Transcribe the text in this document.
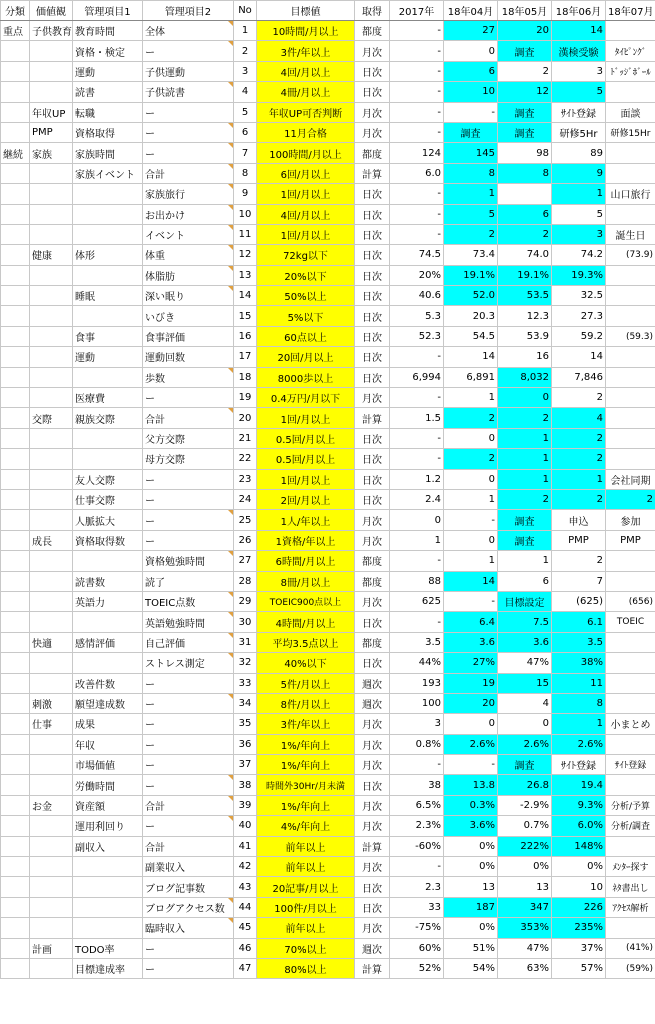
分類	価値観	管理項目1	管理項目2	No	目標値	取得	2017年	18年04月	18年05月	18年06月	18年07月
重点	子供教育	教育時間	全体	1	10時間/月以上	都度	-	27	20	14	
		資格・検定	ー	2	3件/年以上	月次	-	0	調査	漢検受験	ﾀｲﾋﾟﾝｸﾞ
		運動	子供運動	3	4回/月以上	日次	-	6	2	3	ﾄﾞｯｼﾞﾎﾞｰﾙ
		読書	子供読書	4	4冊/月以上	日次	-	10	12	5	
	年収UP	転職	ー	5	年収UP可否判断	月次	-	-	調査	ｻｲﾄ登録	面談
	PMP	資格取得	ー	6	11月合格	月次	-	調査	調査	研修5Hr	研修15Hr
継続	家族	家族時間	ー	7	100時間/月以上	都度	124	145	98	89	
		家族イベント	合計	8	6回/月以上	計算	6.0	8	8	9	
			家族旅行	9	1回/月以上	日次	-	1		1	山口旅行
			お出かけ	10	4回/月以上	日次	-	5	6	5	
			イベント	11	1回/月以上	日次	-	2	2	3	誕生日
	健康	体形	体重	12	72kg以下	日次	74.5	73.4	74.0	74.2	(73.9)
			体脂肪	13	20%以下	日次	20%	19.1%	19.1%	19.3%	
		睡眠	深い眠り	14	50%以上	日次	40.6	52.0	53.5	32.5	
			いびき	15	5%以下	日次	5.3	20.3	12.3	27.3	
		食事	食事評価	16	60点以上	日次	52.3	54.5	53.9	59.2	(59.3)
		運動	運動回数	17	20回/月以上	日次	-	14	16	14	
			歩数	18	8000歩以上	日次	6,994	6,891	8,032	7,846	
		医療費	ー	19	0.4万円/月以下	月次	-	1	0	2	
	交際	親族交際	合計	20	1回/月以上	計算	1.5	2	2	4	
			父方交際	21	0.5回/月以上	日次	-	0	1	2	
			母方交際	22	0.5回/月以上	日次	-	2	1	2	
		友人交際	ー	23	1回/月以上	日次	1.2	0	1	1	会社同期
		仕事交際	ー	24	2回/月以上	日次	2.4	1	2	2	2
		人脈拡大	ー	25	1人/年以上	月次	0	-	調査	申込	参加
	成長	資格取得数	ー	26	1資格/年以上	月次	1	0	調査	PMP	PMP
			資格勉強時間	27	6時間/月以上	都度	-	1	1	2	
		読書数	読了	28	8冊/月以上	都度	88	14	6	7	
		英語力	TOEIC点数	29	TOEIC900点以上	月次	625	-	目標設定	(625)	(656)
			英語勉強時間	30	4時間/月以上	日次	-	6.4	7.5	6.1	TOEIC
	快適	感情評価	自己評価	31	平均3.5点以上	都度	3.5	3.6	3.6	3.5	
			ストレス測定	32	40%以下	日次	44%	27%	47%	38%	
		改善件数	ー	33	5件/月以上	週次	193	19	15	11	
	刺激	願望達成数	ー	34	8件/月以上	週次	100	20	4	8	
	仕事	成果	ー	35	3件/年以上	月次	3	0	0	1	小まとめ
		年収	ー	36	1%/年向上	月次	0.8%	2.6%	2.6%	2.6%	
		市場価値	ー	37	1%/年向上	月次	-	-	調査	ｻｲﾄ登録	ｻｲﾄ登録
		労働時間	ー	38	時間外30Hr/月未満	日次	38	13.8	26.8	19.4	
	お金	資産額	合計	39	1%/年向上	月次	6.5%	0.3%	-2.9%	9.3%	分析/予算
		運用利回り	ー	40	4%/年向上	月次	2.3%	3.6%	0.7%	6.0%	分析/調査
		副収入	合計	41	前年以上	計算	-60%	0%	222%	148%	
			副業収入	42	前年以上	月次	-	0%	0%	0%	ﾒﾝﾀｰ探す
			ブログ記事数	43	20記事/月以上	日次	2.3	13	13	10	ﾈﾀ書出し
			ブログアクセス数	44	100件/月以上	日次	33	187	347	226	ｱｸｾｽ解析
			臨時収入	45	前年以上	月次	-75%	0%	353%	235%	
	計画	TODO率	ー	46	70%以上	週次	60%	51%	47%	37%	(41%)
		目標達成率	ー	47	80%以上	計算	52%	54%	63%	57%	(59%)
